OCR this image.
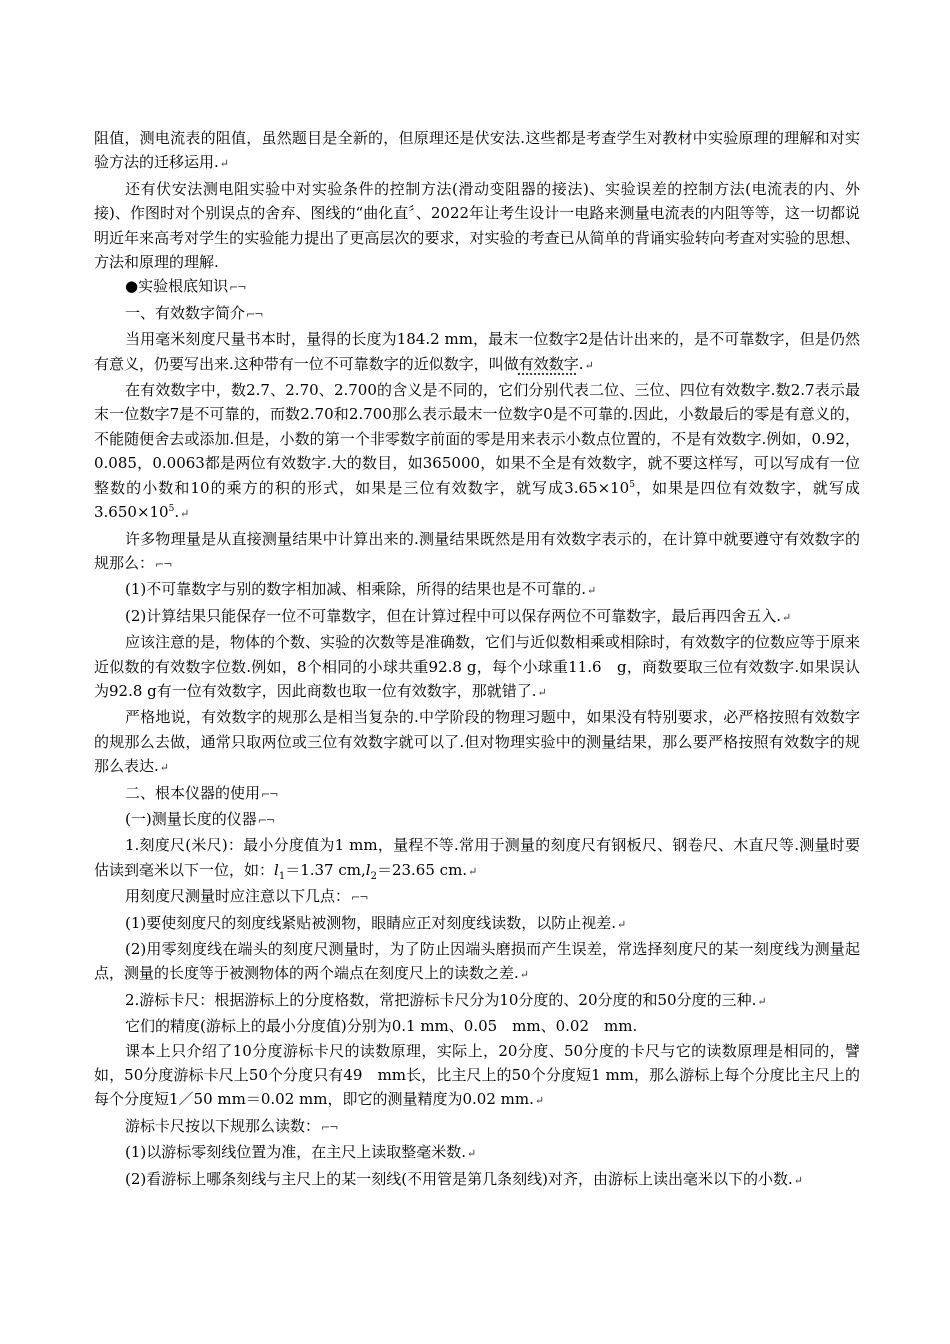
阻值，测电流表的阻值，虽然题目是全新的，但原理还是伏安法.这些都是考查学生对教材中实验原理的理解和对实验方法的迁移运用.↵

还有伏安法测电阻实验中对实验条件的控制方法(滑动变阻器的接法)、实验误差的控制方法(电流表的内、外接)、作图时对个别误点的舍弃、图线的“曲化直〞、2022年让考生设计一电路来测量电流表的内阻等等，这一切都说明近年来高考对学生的实验能力提出了更高层次的要求，对实验的考查已从简单的背诵实验转向考查对实验的思想、方法和原理的理解.

●实验根底知识⌐¬

一、有效数字简介⌐¬

当用毫米刻度尺量书本时，量得的长度为184.2 mm，最末一位数字2是估计出来的，是不可靠数字，但是仍然有意义，仍要写出来.这种带有一位不可靠数字的近似数字，叫做有效数字.↵

在有效数字中，数2.7、2.70、2.700的含义是不同的，它们分别代表二位、三位、四位有效数字.数2.7表示最末一位数字7是不可靠的，而数2.70和2.700那么表示最末一位数字0是不可靠的.因此，小数最后的零是有意义的，不能随便舍去或添加.但是，小数的第一个非零数字前面的零是用来表示小数点位置的，不是有效数字.例如，0.92，0.085，0.0063都是两位有效数字.大的数目，如365000，如果不全是有效数字，就不要这样写，可以写成有一位整数的小数和10的乘方的积的形式，如果是三位有效数字，就写成$3.65\times 10^5$，如果是四位有效数字，就写成$3.650\times 10^5.↵$

许多物理量是从直接测量结果中计算出来的.测量结果既然是用有效数字表示的，在计算中就要遵守有效数字的规那么：⌐¬

(1)不可靠数字与别的数字相加减、相乘除，所得的结果也是不可靠的.↵

(2)计算结果只能保存一位不可靠数字，但在计算过程中可以保存两位不可靠数字，最后再四舍五入.↵

应该注意的是，物体的个数、实验的次数等是准确数，它们与近似数相乘或相除时，有效数字的位数应等于原来近似数的有效数字位数.例如，8个相同的小球共重92.8 g，每个小球重11.6　g，商数要取三位有效数字.如果误认为92.8 g有一位有效数字，因此商数也取一位有效数字，那就错了.↵

严格地说，有效数字的规那么是相当复杂的.中学阶段的物理习题中，如果没有特别要求，必严格按照有效数字的规那么去做，通常只取两位或三位有效数字就可以了.但对物理实验中的测量结果，那么要严格按照有效数字的规那么表达.↵

二、根本仪器的使用⌐¬

(一)测量长度的仪器⌐¬

1.刻度尺(米尺)：最小分度值为1 mm，量程不等.常用于测量的刻度尺有钢板尺、钢卷尺、木直尺等.测量时要估读到毫米以下一位，如：$l_1=1.37$ $cm,l_2=23.65$ cm.↵

用刻度尺测量时应注意以下几点：⌐¬

(1)要使刻度尺的刻度线紧贴被测物，眼睛应正对刻度线读数，以防止视差.↵

(2)用零刻度线在端头的刻度尺测量时，为了防止因端头磨损而产生误差，常选择刻度尺的某一刻度线为测量起点，测量的长度等于被测物体的两个端点在刻度尺上的读数之差.↵

2.游标卡尺：根据游标上的分度格数，常把游标卡尺分为10分度的、20分度的和50分度的三种.↵

它们的精度(游标上的最小分度值)分别为0.1 mm、0.05　mm、0.02　mm.

课本上只介绍了10分度游标卡尺的读数原理，实际上，20分度、50分度的卡尺与它的读数原理是相同的，譬如，50分度游标卡尺上50个分度只有49　mm长，比主尺上的50个分度短1 mm，那么游标上每个分度比主尺上的每个分度短1／50 mm＝0.02 mm，即它的测量精度为0.02 mm.↵

游标卡尺按以下规那么读数：⌐¬

(1)以游标零刻线位置为准，在主尺上读取整毫米数.↵

(2)看游标上哪条刻线与主尺上的某一刻线(不用管是第几条刻线)对齐，由游标上读出毫米以下的小数.↵
